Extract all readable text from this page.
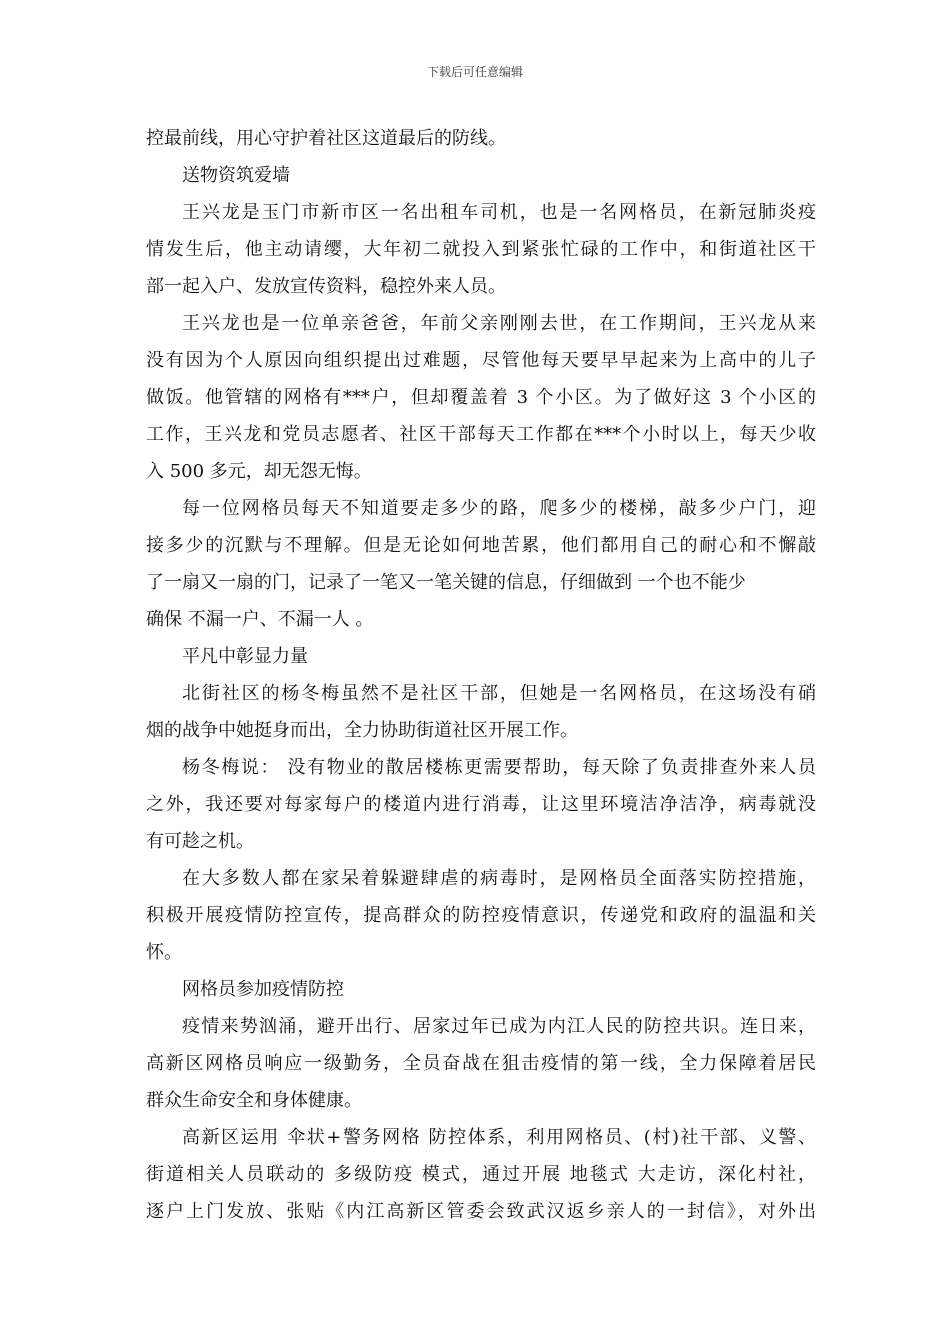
下载后可任意编辑
控最前线，用心守护着社区这道最后的防线。
送物资筑爱墙
王兴龙是玉门市新市区一名出租车司机，也是一名网格员，在新冠肺炎疫
情发生后，他主动请缨，大年初二就投入到紧张忙碌的工作中，和街道社区干
部一起入户、发放宣传资料，稳控外来人员。
王兴龙也是一位单亲爸爸，年前父亲刚刚去世，在工作期间，王兴龙从来
没有因为个人原因向组织提出过难题，尽管他每天要早早起来为上高中的儿子
做饭。他管辖的网格有***户，但却覆盖着 3 个小区。为了做好这 3 个小区的
工作，王兴龙和党员志愿者、社区干部每天工作都在***个小时以上，每天少收
入 500 多元，却无怨无悔。
每一位网格员每天不知道要走多少的路，爬多少的楼梯，敲多少户门，迎
接多少的沉默与不理解。但是无论如何地苦累，他们都用自己的耐心和不懈敲
了一扇又一扇的门，记录了一笔又一笔关键的信息，仔细做到 一个也不能少
确保 不漏一户、不漏一人 。
平凡中彰显力量
北街社区的杨冬梅虽然不是社区干部，但她是一名网格员，在这场没有硝
烟的战争中她挺身而出，全力协助街道社区开展工作。
杨冬梅说： 没有物业的散居楼栋更需要帮助，每天除了负责排查外来人员
之外，我还要对每家每户的楼道内进行消毒，让这里环境洁净洁净，病毒就没
有可趁之机。
在大多数人都在家呆着躲避肆虐的病毒时，是网格员全面落实防控措施，
积极开展疫情防控宣传，提高群众的防控疫情意识，传递党和政府的温温和关
怀。
网格员参加疫情防控
疫情来势汹涌，避开出行、居家过年已成为内江人民的防控共识。连日来，
高新区网格员响应一级勤务，全员奋战在狙击疫情的第一线，全力保障着居民
群众生命安全和身体健康。
高新区运用 伞状+警务网格 防控体系，利用网格员、(村)社干部、义警、
街道相关人员联动的 多级防疫 模式，通过开展 地毯式 大走访，深化村社，
逐户上门发放、张贴《内江高新区管委会致武汉返乡亲人的一封信》，对外出
